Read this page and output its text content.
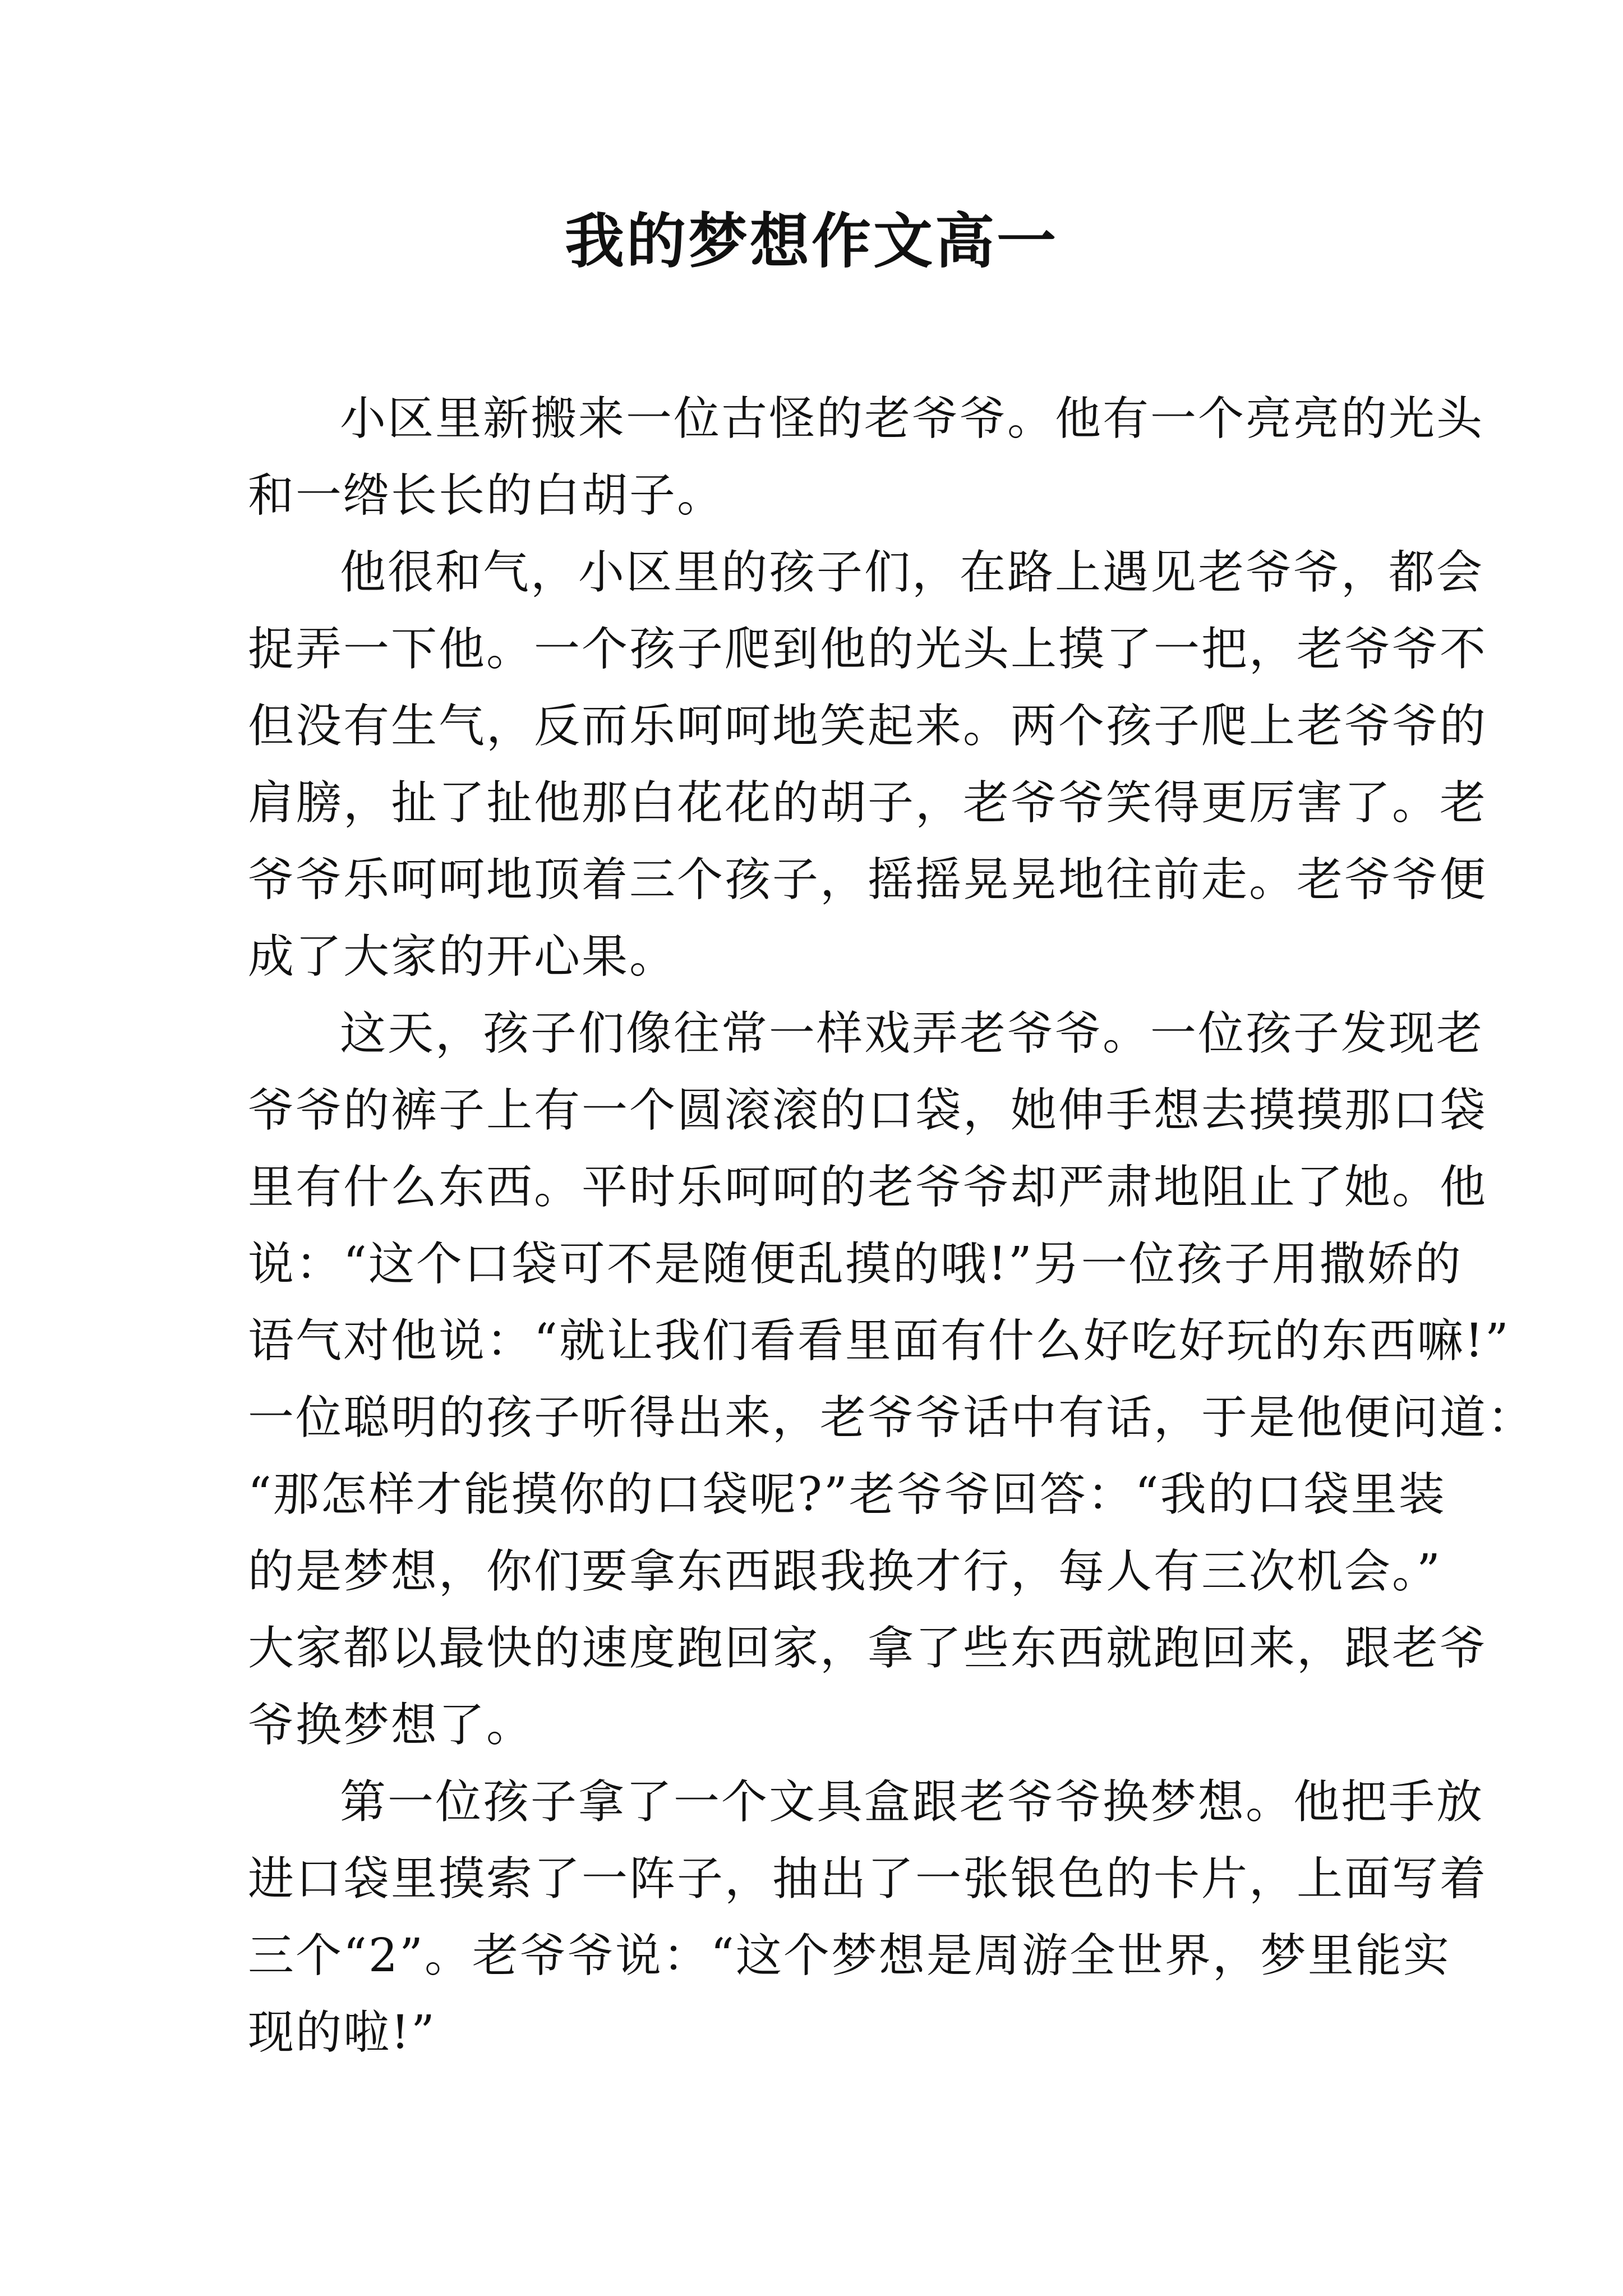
我的梦想作文高一
小区里新搬来一位古怪的老爷爷。他有一个亮亮的光头
和一绺长长的白胡子。
他很和气，小区里的孩子们，在路上遇见老爷爷，都会
捉弄一下他。一个孩子爬到他的光头上摸了一把，老爷爷不
但没有生气，反而乐呵呵地笑起来。两个孩子爬上老爷爷的
肩膀，扯了扯他那白花花的胡子，老爷爷笑得更厉害了。老
爷爷乐呵呵地顶着三个孩子，摇摇晃晃地往前走。老爷爷便
成了大家的开心果。
这天，孩子们像往常一样戏弄老爷爷。一位孩子发现老
爷爷的裤子上有一个圆滚滚的口袋，她伸手想去摸摸那口袋
里有什么东西。平时乐呵呵的老爷爷却严肃地阻止了她。他
说：“这个口袋可不是随便乱摸的哦!”另一位孩子用撒娇的
语气对他说：“就让我们看看里面有什么好吃好玩的东西嘛!”
一位聪明的孩子听得出来，老爷爷话中有话，于是他便问道：
“那怎样才能摸你的口袋呢?”老爷爷回答：“我的口袋里装
的是梦想，你们要拿东西跟我换才行，每人有三次机会。”
大家都以最快的速度跑回家，拿了些东西就跑回来，跟老爷
爷换梦想了。
第一位孩子拿了一个文具盒跟老爷爷换梦想。他把手放
进口袋里摸索了一阵子，抽出了一张银色的卡片，上面写着
三个“2”。老爷爷说：“这个梦想是周游全世界，梦里能实
现的啦!”
